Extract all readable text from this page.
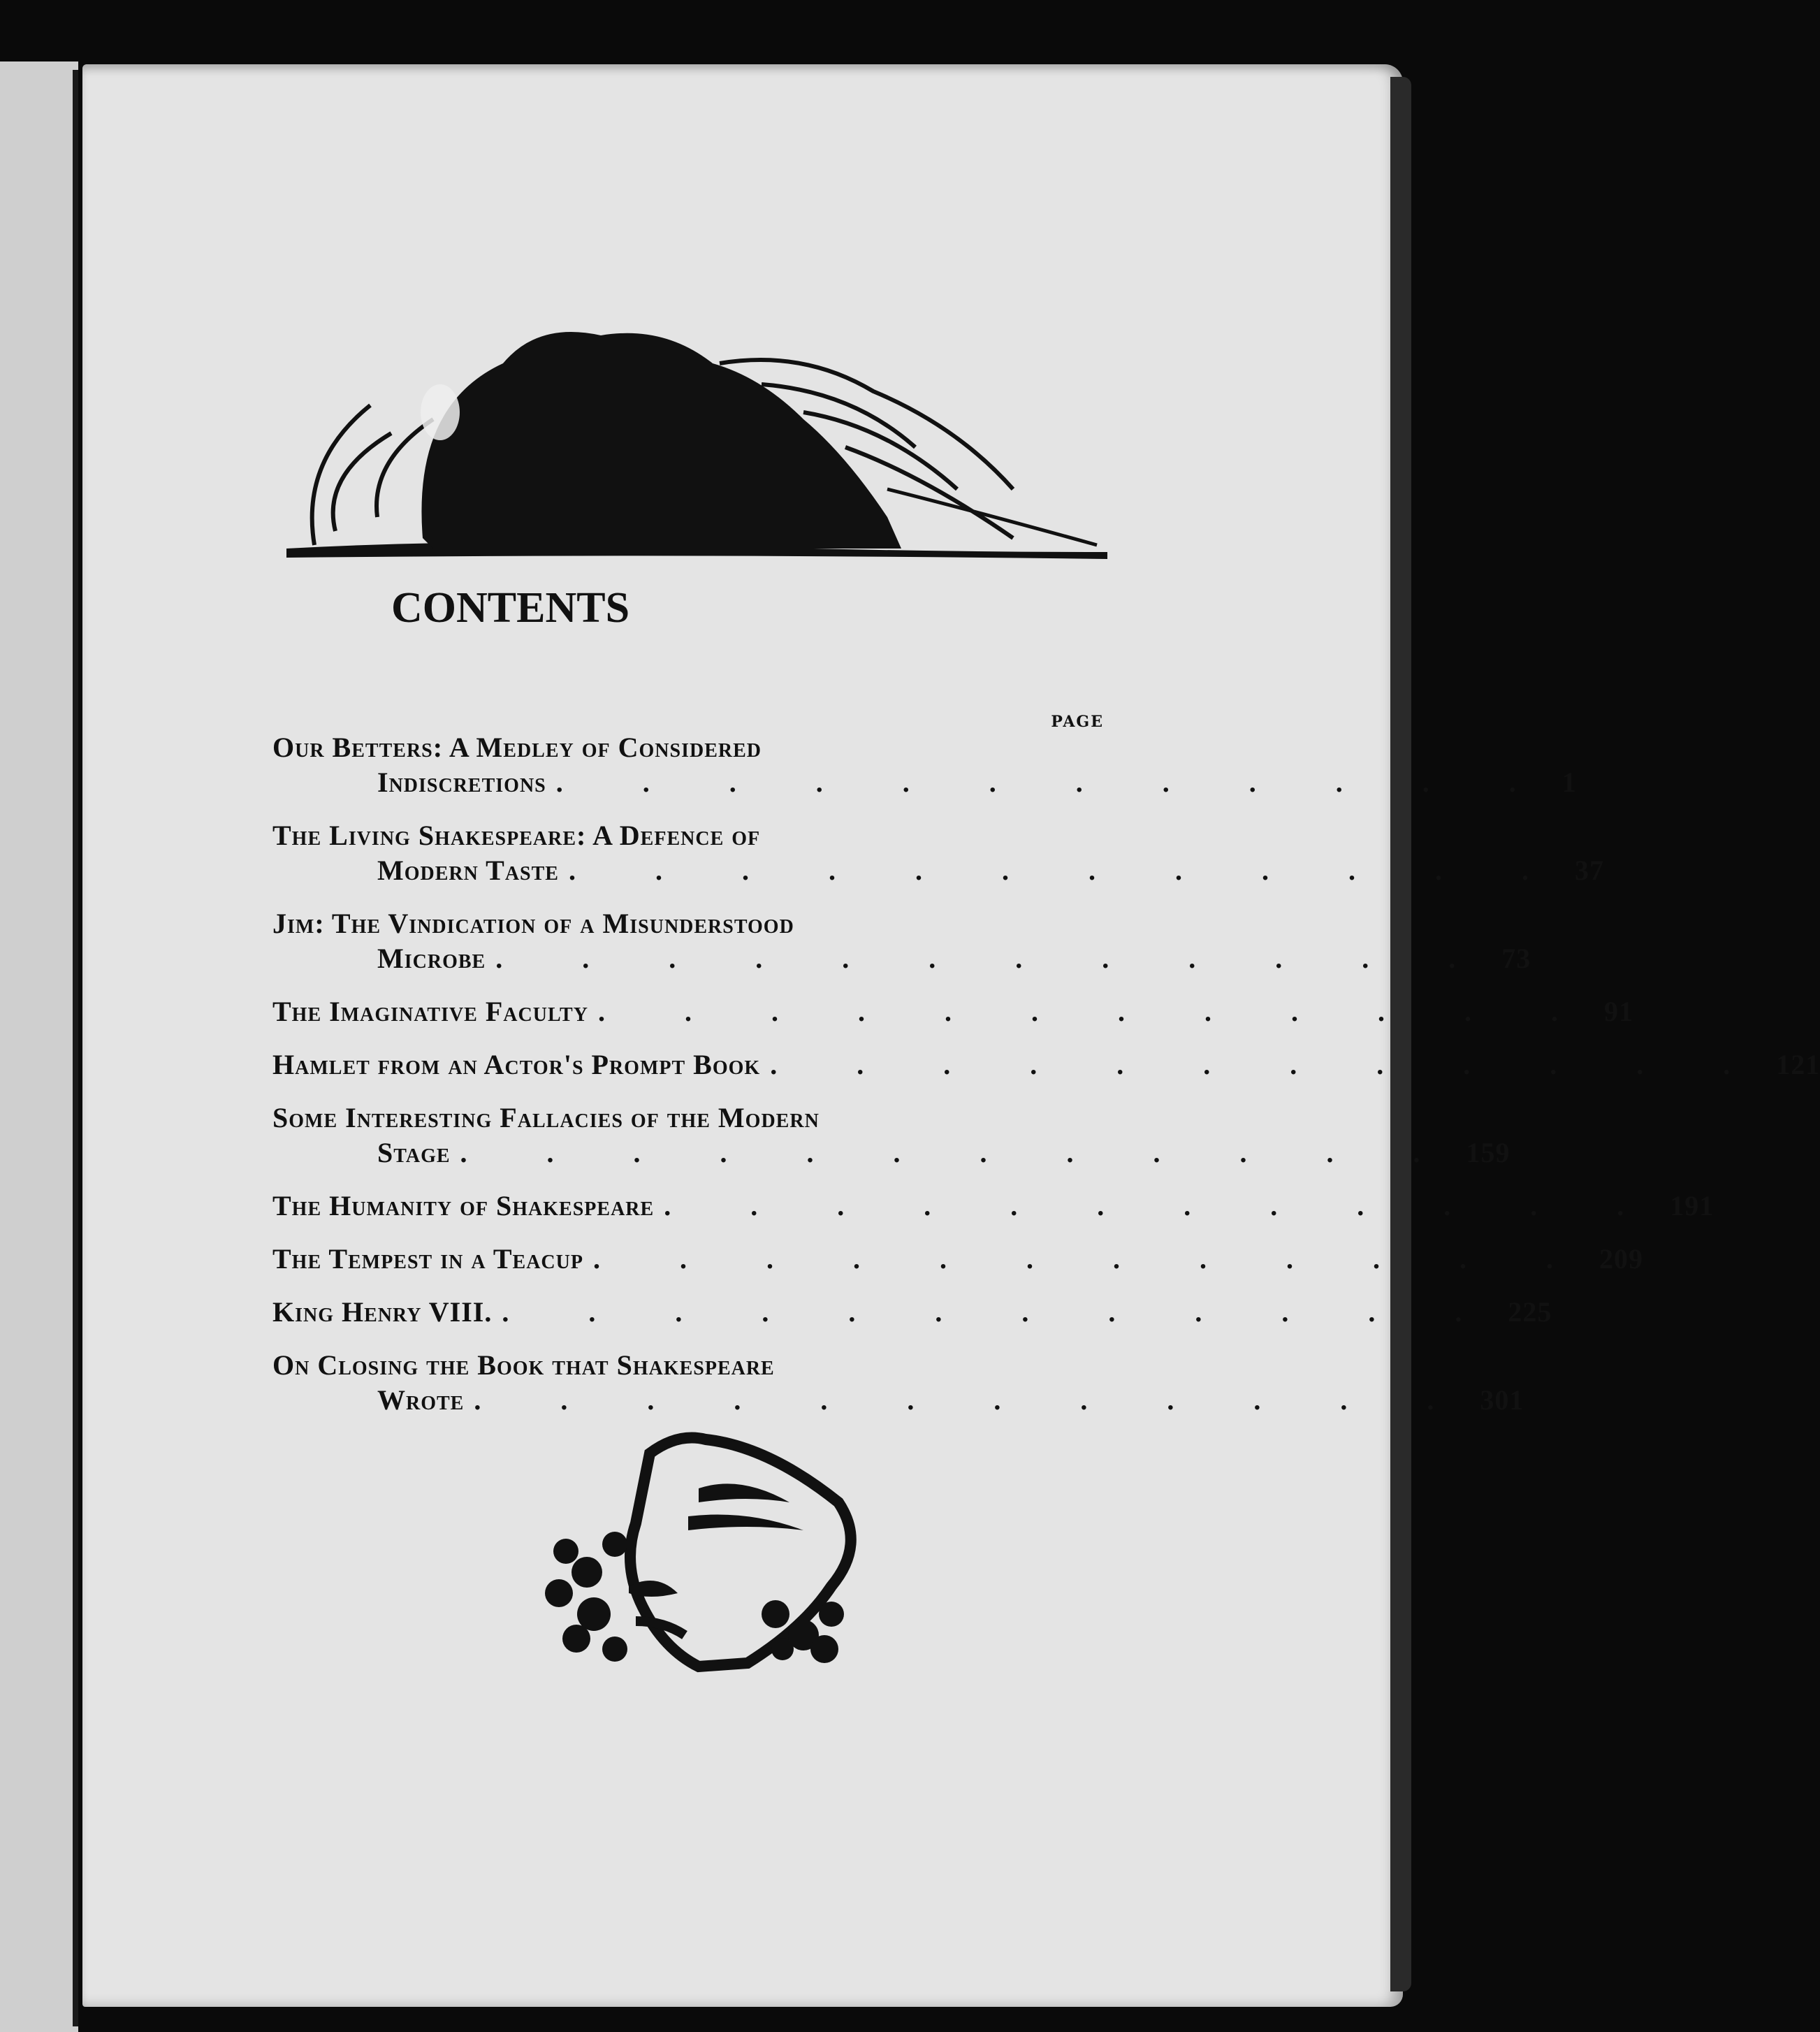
CONTENTS
PAGE
Our Betters: A Medley of Considered
Indiscretions . . . . . . . . . . . . 1
The Living Shakespeare: A Defence of
Modern Taste . . . . . . . . . . . . 37
Jim: The Vindication of a Misunderstood
Microbe . . . . . . . . . . . . 73
The Imaginative Faculty . . . . . . . . . . . . 91
Hamlet from an Actor's Prompt Book . . . . . . . . . . . . 121
Some Interesting Fallacies of the Modern
Stage . . . . . . . . . . . . 159
The Humanity of Shakespeare . . . . . . . . . . . . 191
The Tempest in a Teacup . . . . . . . . . . . . 209
King Henry VIII. . . . . . . . . . . . . 225
On Closing the Book that Shakespeare
Wrote . . . . . . . . . . . . 301
